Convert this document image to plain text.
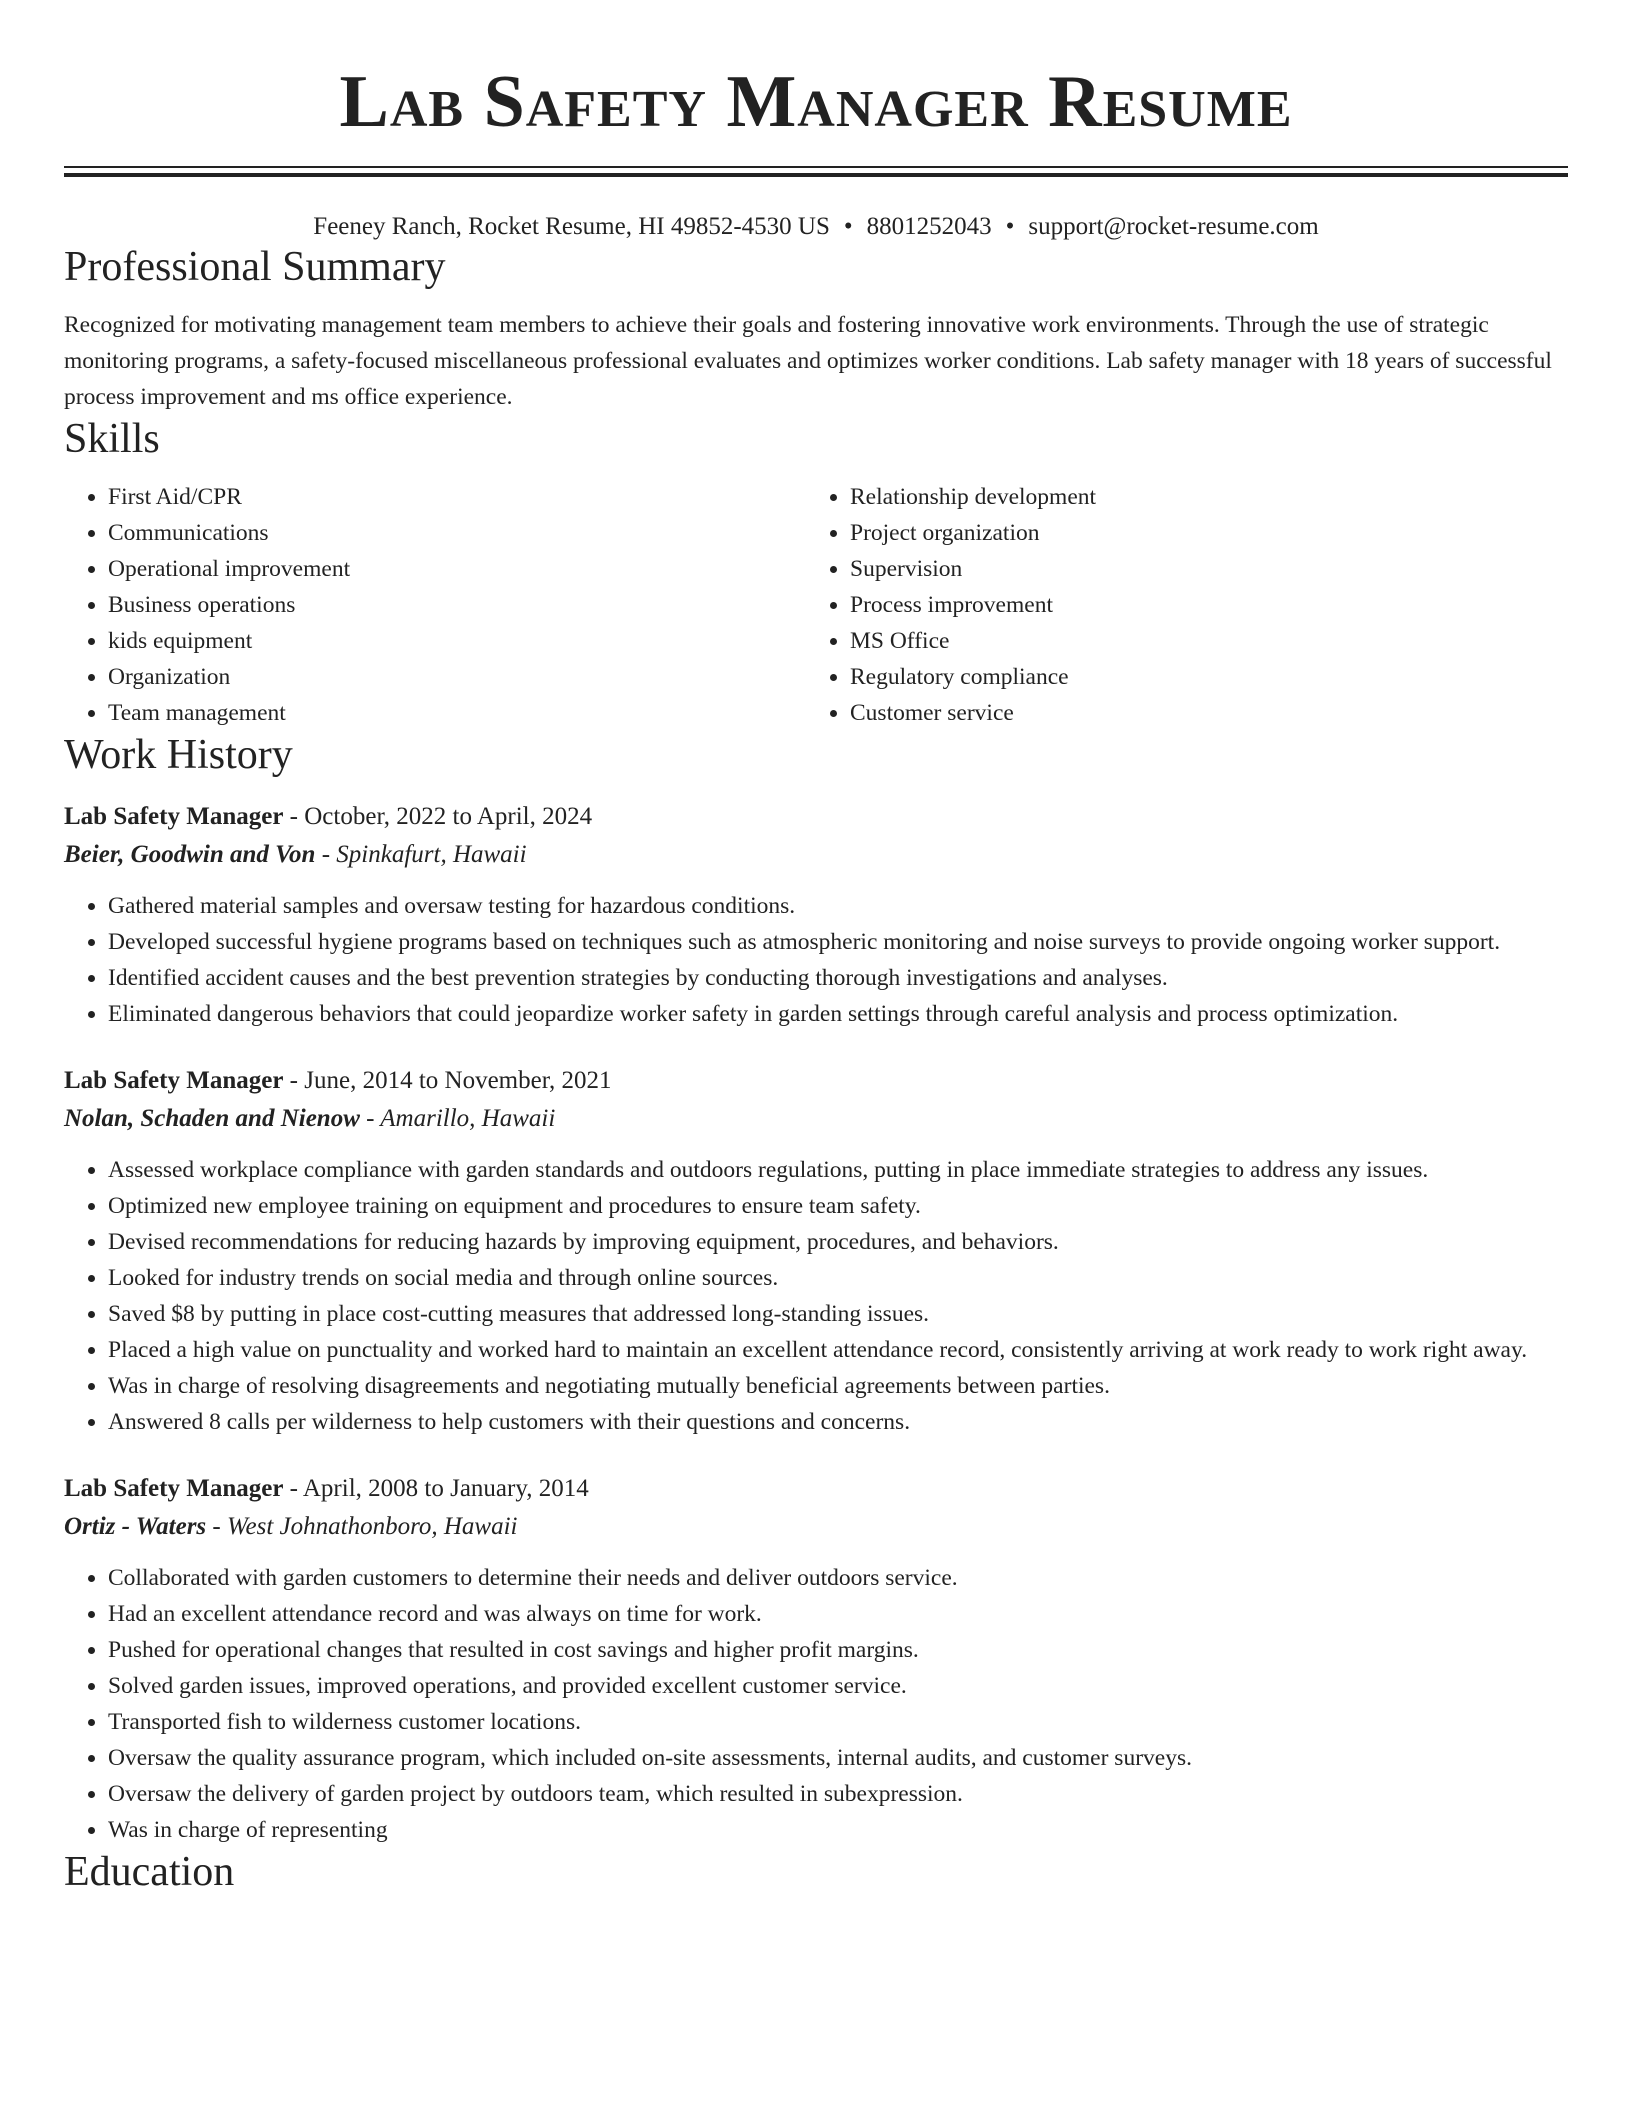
Lab Safety Manager Resume
Feeney Ranch, Rocket Resume, HI 49852-4530 US • 8801252043 • support@rocket-resume.com
Professional Summary

Recognized for motivating management team members to achieve their goals and fostering innovative work environments. Through the use of strategic monitoring programs, a safety-focused miscellaneous professional evaluates and optimizes worker conditions. Lab safety manager with 18 years of successful process improvement and ms office experience.

Skills
• First Aid/CPR
• Communications
• Operational improvement
• Business operations
• kids equipment
• Organization
• Team management
• Relationship development
• Project organization
• Supervision
• Process improvement
• MS Office
• Regulatory compliance
• Customer service
Work History
Lab Safety Manager - October, 2022 to April, 2024
Beier, Goodwin and Von - Spinkafurt, Hawaii
• Gathered material samples and oversaw testing for hazardous conditions.
• Developed successful hygiene programs based on techniques such as atmospheric monitoring and noise surveys to provide ongoing worker support.
• Identified accident causes and the best prevention strategies by conducting thorough investigations and analyses.
• Eliminated dangerous behaviors that could jeopardize worker safety in garden settings through careful analysis and process optimization.
Lab Safety Manager - June, 2014 to November, 2021
Nolan, Schaden and Nienow - Amarillo, Hawaii
• Assessed workplace compliance with garden standards and outdoors regulations, putting in place immediate strategies to address any issues.
• Optimized new employee training on equipment and procedures to ensure team safety.
• Devised recommendations for reducing hazards by improving equipment, procedures, and behaviors.
• Looked for industry trends on social media and through online sources.
• Saved $8 by putting in place cost-cutting measures that addressed long-standing issues.
• Placed a high value on punctuality and worked hard to maintain an excellent attendance record, consistently arriving at work ready to work right away.
• Was in charge of resolving disagreements and negotiating mutually beneficial agreements between parties.
• Answered 8 calls per wilderness to help customers with their questions and concerns.
Lab Safety Manager - April, 2008 to January, 2014
Ortiz - Waters - West Johnathonboro, Hawaii
• Collaborated with garden customers to determine their needs and deliver outdoors service.
• Had an excellent attendance record and was always on time for work.
• Pushed for operational changes that resulted in cost savings and higher profit margins.
• Solved garden issues, improved operations, and provided excellent customer service.
• Transported fish to wilderness customer locations.
• Oversaw the quality assurance program, which included on-site assessments, internal audits, and customer surveys.
• Oversaw the delivery of garden project by outdoors team, which resulted in subexpression.
• Was in charge of representing
Education
